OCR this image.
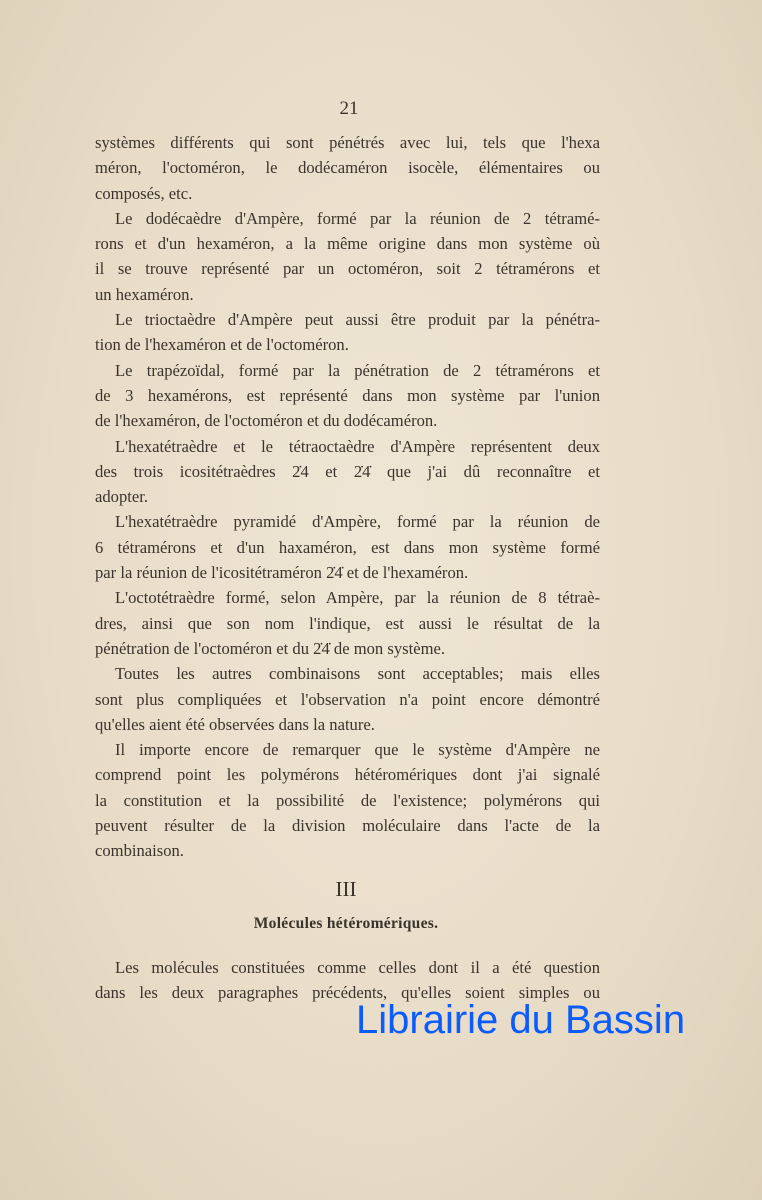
21
systèmes différents qui sont pénétrés avec lui, tels que l'hexa
méron, l'octoméron, le dodécaméron isocèle, élémentaires ou
composés, etc.
Le dodécaèdre d'Ampère, formé par la réunion de 2 tétramé-
rons et d'un hexaméron, a la même origine dans mon système où
il se trouve représenté par un octoméron, soit 2 tétramérons et
un hexaméron.
Le trioctaèdre d'Ampère peut aussi être produit par la pénétra-
tion de l'hexaméron et de l'octoméron.
Le trapézoïdal, formé par la pénétration de 2 tétramérons et
de 3 hexamérons, est représenté dans mon système par l'union
de l'hexaméron, de l'octoméron et du dodécaméron.
L'hexatétraèdre et le tétraoctaèdre d'Ampère représentent deux
des trois icositétraèdres 2̇4 et 2̇4̇ que j'ai dû reconnaître et
adopter.
L'hexatétraèdre pyramidé d'Ampère, formé par la réunion de
6 tétramérons et d'un haxaméron, est dans mon système formé
par la réunion de l'icositétraméron 2̇4̇ et de l'hexaméron.
L'octotétraèdre formé, selon Ampère, par la réunion de 8 tétraè-
dres, ainsi que son nom l'indique, est aussi le résultat de la
pénétration de l'octoméron et du 2̇4̇ de mon système.
Toutes les autres combinaisons sont acceptables; mais elles
sont plus compliquées et l'observation n'a point encore démontré
qu'elles aient été observées dans la nature.
Il importe encore de remarquer que le système d'Ampère ne
comprend point les polymérons hétéromériques dont j'ai signalé
la constitution et la possibilité de l'existence; polymérons qui
peuvent résulter de la division moléculaire dans l'acte de la
combinaison.
III
Molécules hétéromériques.
Les molécules constituées comme celles dont il a été question
dans les deux paragraphes précédents, qu'elles soient simples ou
Librairie du Bassin
